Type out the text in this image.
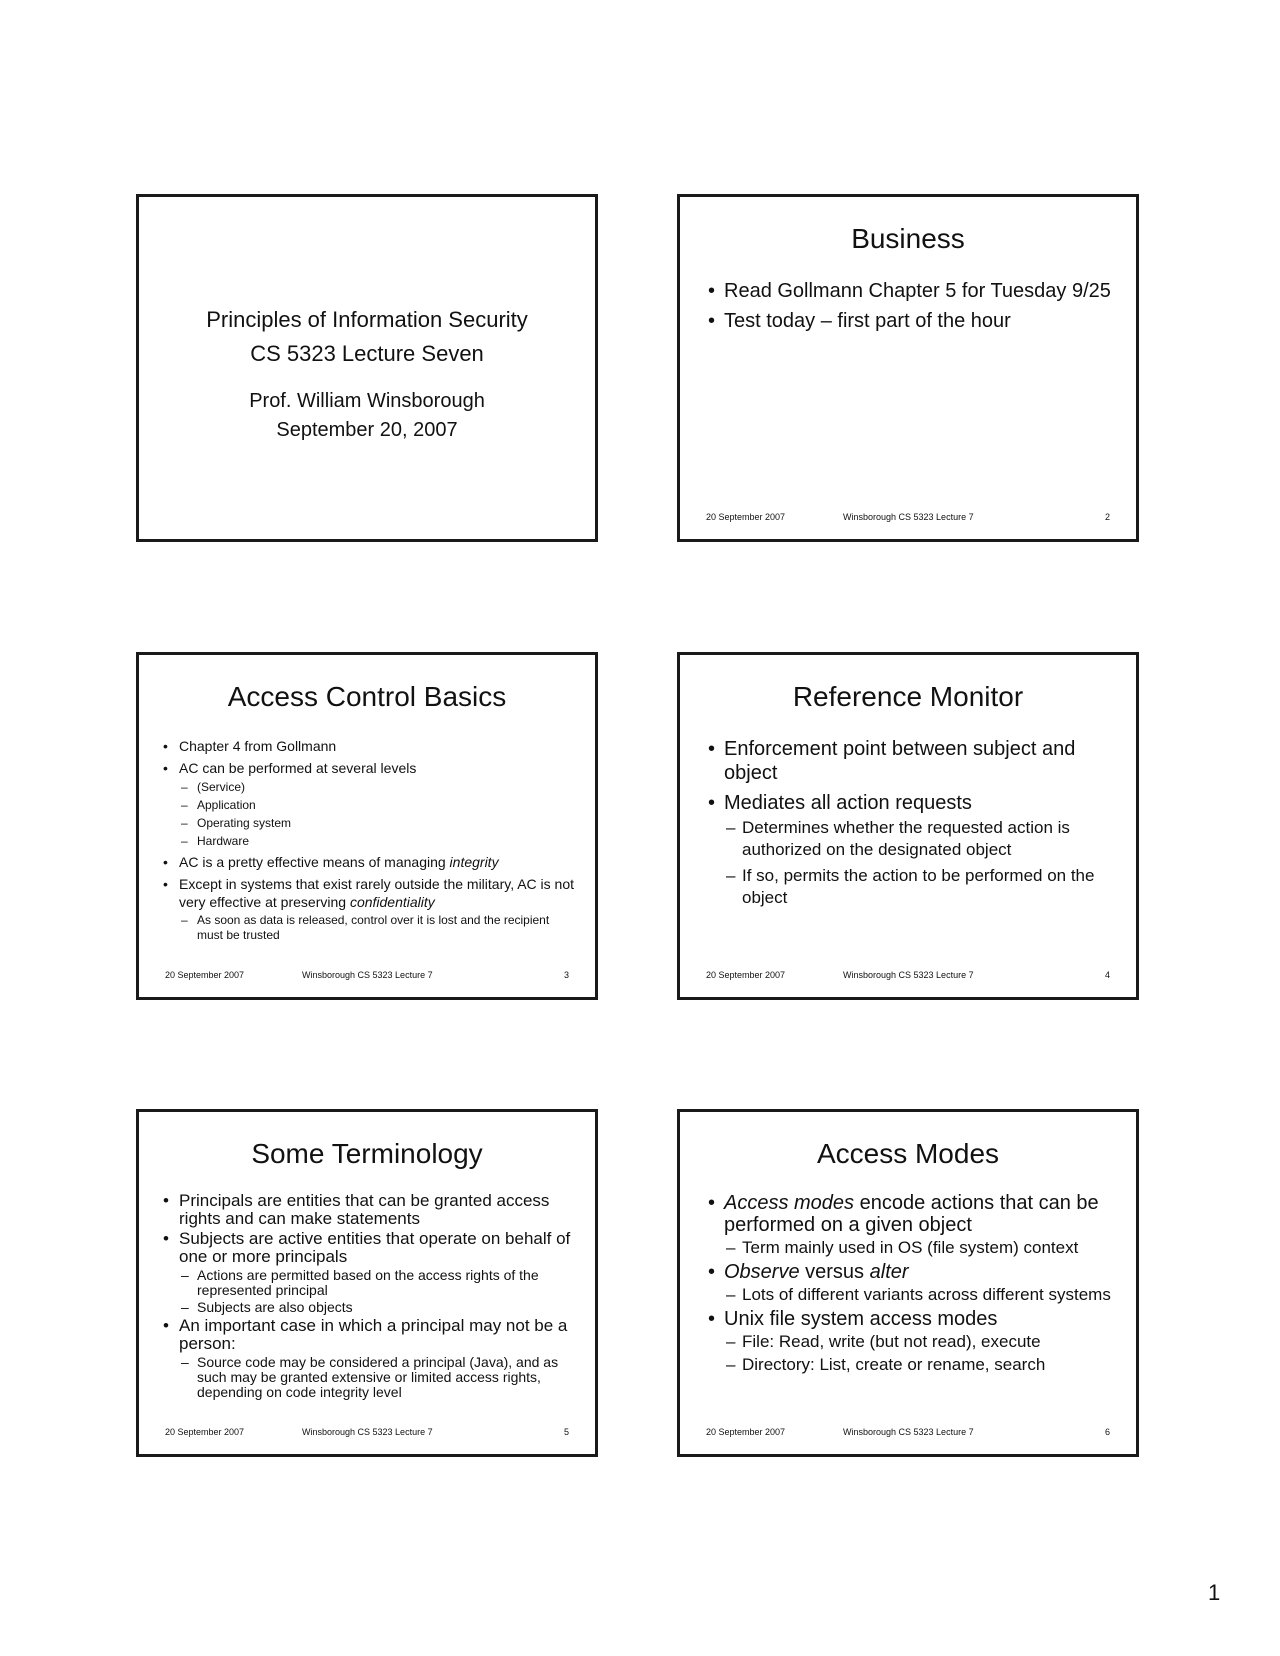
Principles of Information Security
CS 5323 Lecture Seven
Prof. William Winsborough
September 20, 2007
Business
• Read Gollmann Chapter 5 for Tuesday 9/25
• Test today – first part of the hour
20 September 2007	Winsborough CS 5323 Lecture 7	2
Access Control Basics
• Chapter 4 from Gollmann
• AC can be performed at several levels
– (Service)
– Application
– Operating system
– Hardware
• AC is a pretty effective means of managing integrity
• Except in systems that exist rarely outside the military, AC is not very effective at preserving confidentiality
– As soon as data is released, control over it is lost and the recipient must be trusted
20 September 2007	Winsborough CS 5323 Lecture 7	3
Reference Monitor
• Enforcement point between subject and object
• Mediates all action requests
– Determines whether the requested action is authorized on the designated object
– If so, permits the action to be performed on the object
20 September 2007	Winsborough CS 5323 Lecture 7	4
Some Terminology
• Principals are entities that can be granted access rights and can make statements
• Subjects are active entities that operate on behalf of one or more principals
– Actions are permitted based on the access rights of the represented principal
– Subjects are also objects
• An important case in which a principal may not be a person:
– Source code may be considered a principal (Java), and as such may be granted extensive or limited access rights, depending on code integrity level
20 September 2007	Winsborough CS 5323 Lecture 7	5
Access Modes
• Access modes encode actions that can be performed on a given object
– Term mainly used in OS (file system) context
• Observe versus alter
– Lots of different variants across different systems
• Unix file system access modes
– File: Read, write (but not read), execute
– Directory: List, create or rename, search
20 September 2007	Winsborough CS 5323 Lecture 7	6
1
